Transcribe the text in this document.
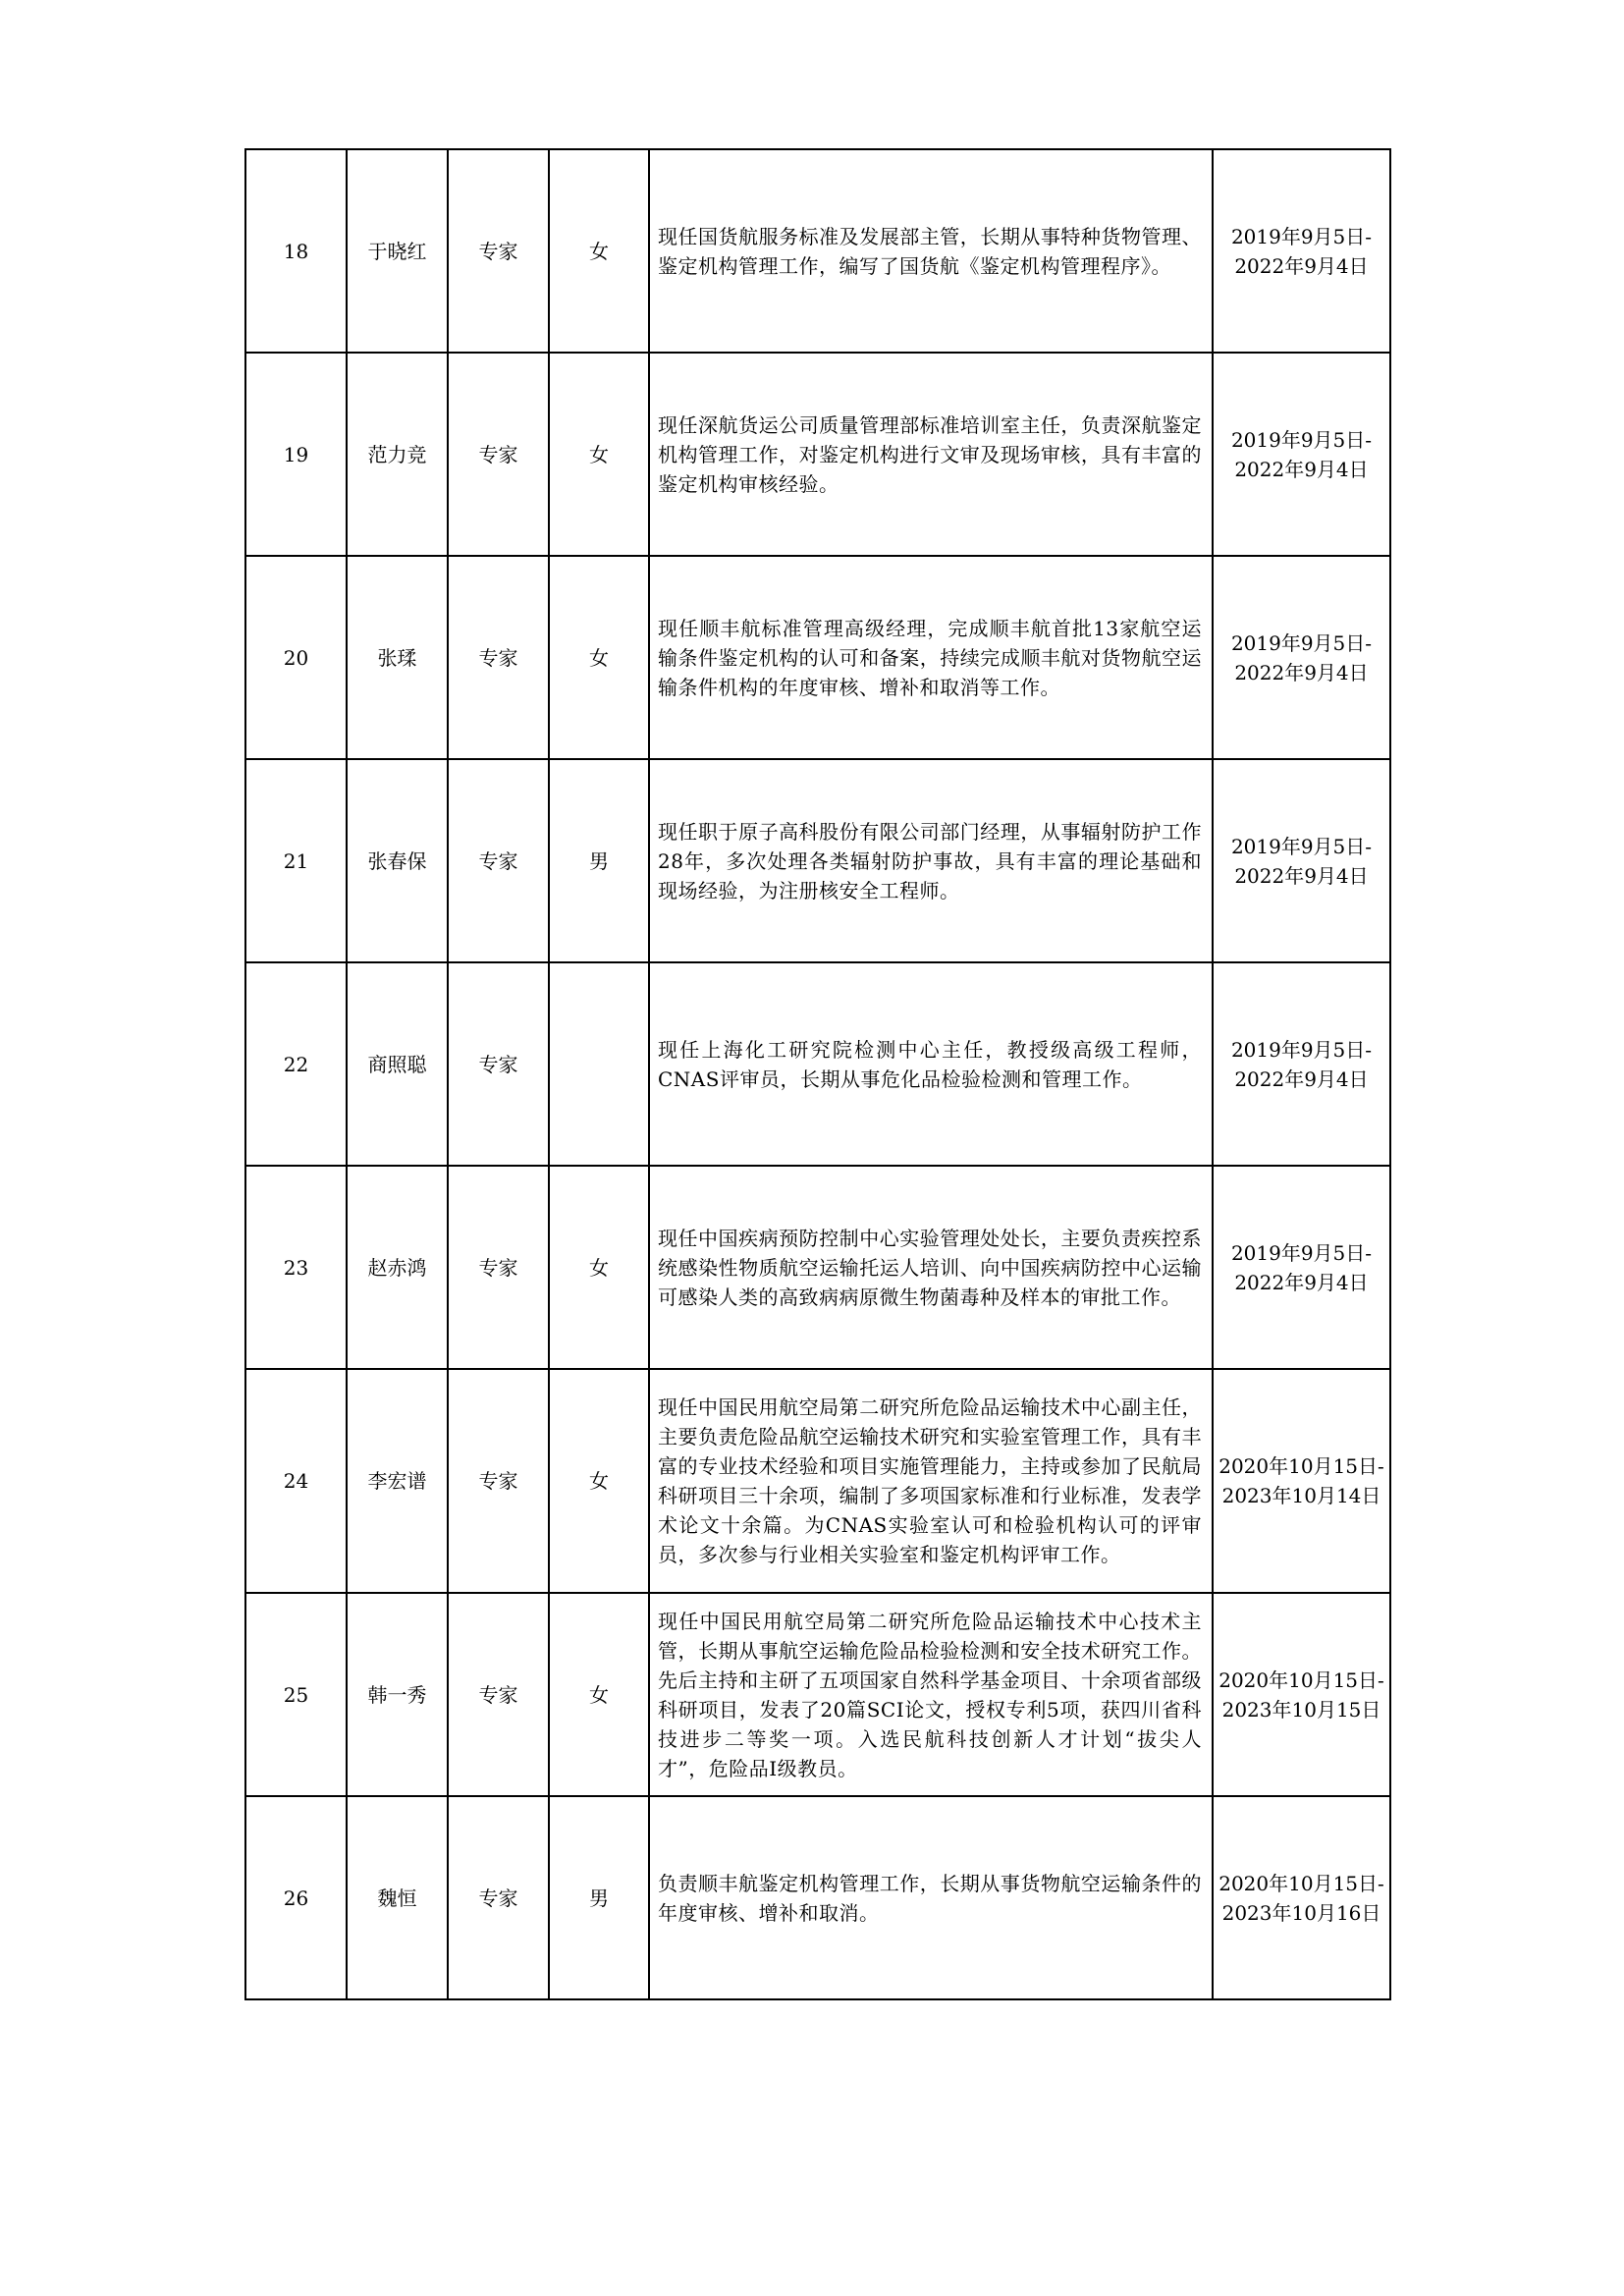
18	于晓红	专家	女	现任国货航服务标准及发展部主管，长期从事特种货物管理、鉴定机构管理工作，编写了国货航《鉴定机构管理程序》。	2019年9月5日-
2022年9月4日

19	范力竞	专家	女	现任深航货运公司质量管理部标准培训室主任，负责深航鉴定机构管理工作，对鉴定机构进行文审及现场审核，具有丰富的鉴定机构审核经验。	2019年9月5日-
2022年9月4日

20	张瑈	专家	女	现任顺丰航标准管理高级经理，完成顺丰航首批13家航空运输条件鉴定机构的认可和备案，持续完成顺丰航对货物航空运输条件机构的年度审核、增补和取消等工作。	2019年9月5日-
2022年9月4日

21	张春保	专家	男	现任职于原子高科股份有限公司部门经理，从事辐射防护工作28年，多次处理各类辐射防护事故，具有丰富的理论基础和现场经验，为注册核安全工程师。	2019年9月5日-
2022年9月4日

22	商照聪	专家		现任上海化工研究院检测中心主任，教授级高级工程师，CNAS评审员，长期从事危化品检验检测和管理工作。	2019年9月5日-
2022年9月4日

23	赵赤鸿	专家	女	现任中国疾病预防控制中心实验管理处处长，主要负责疾控系统感染性物质航空运输托运人培训、向中国疾病防控中心运输可感染人类的高致病病原微生物菌毒种及样本的审批工作。	2019年9月5日-
2022年9月4日

24	李宏谱	专家	女	现任中国民用航空局第二研究所危险品运输技术中心副主任，主要负责危险品航空运输技术研究和实验室管理工作，具有丰富的专业技术经验和项目实施管理能力，主持或参加了民航局科研项目三十余项，编制了多项国家标准和行业标准，发表学术论文十余篇。为CNAS实验室认可和检验机构认可的评审员，多次参与行业相关实验室和鉴定机构评审工作。	2020年10月15日-
2023年10月14日

25	韩一秀	专家	女	现任中国民用航空局第二研究所危险品运输技术中心技术主管，长期从事航空运输危险品检验检测和安全技术研究工作。先后主持和主研了五项国家自然科学基金项目、十余项省部级科研项目，发表了20篇SCI论文，授权专利5项，获四川省科技进步二等奖一项。入选民航科技创新人才计划“拔尖人才”，危险品Ⅰ级教员。	2020年10月15日-
2023年10月15日

26	魏恒	专家	男	负责顺丰航鉴定机构管理工作，长期从事货物航空运输条件的年度审核、增补和取消。	2020年10月15日-
2023年10月16日
